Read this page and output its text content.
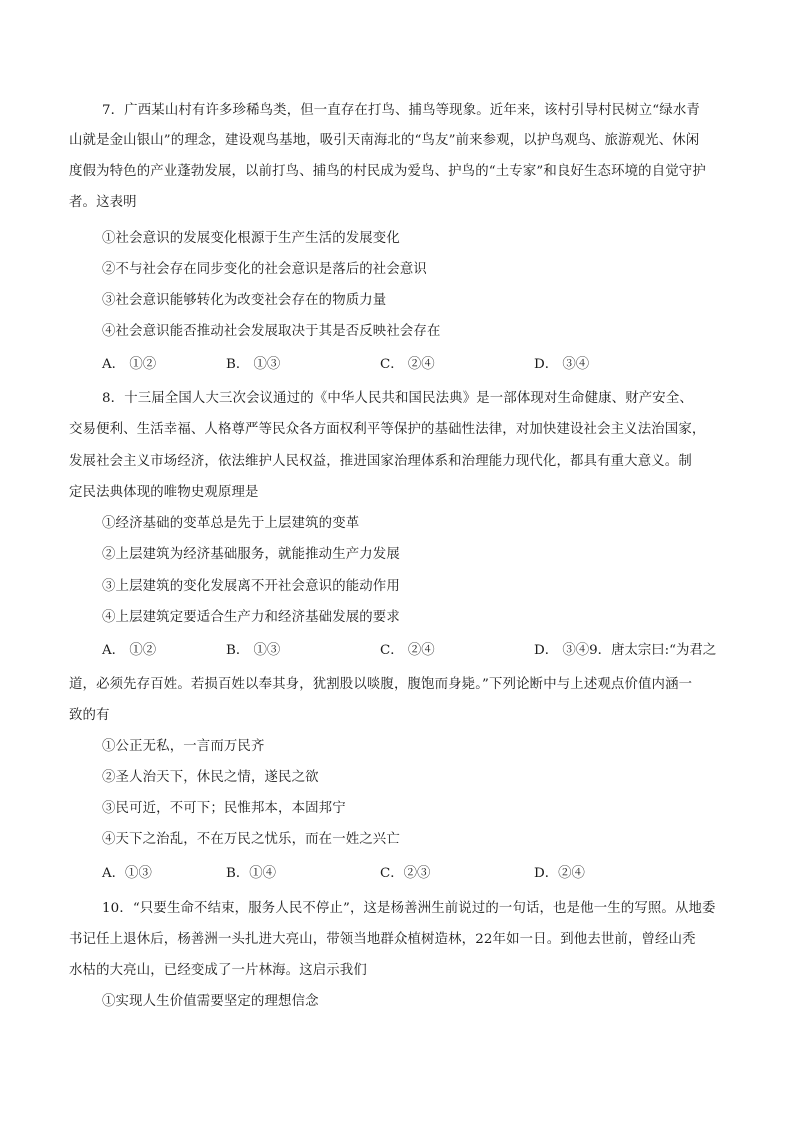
7．广西某山村有许多珍稀鸟类，但一直存在打鸟、捕鸟等现象。近年来，该村引导村民树立“绿水青
山就是金山银山”的理念，建设观鸟基地，吸引天南海北的“鸟友”前来参观，以护鸟观鸟、旅游观光、休闲
度假为特色的产业蓬勃发展，以前打鸟、捕鸟的村民成为爱鸟、护鸟的“土专家”和良好生态环境的自觉守护
者。这表明
①社会意识的发展变化根源于生产生活的发展变化
②不与社会存在同步变化的社会意识是落后的社会意识
③社会意识能够转化为改变社会存在的物质力量
④社会意识能否推动社会发展取决于其是否反映社会存在
A． ①②	B． ①③	C． ②④	D． ③④
8．十三届全国人大三次会议通过的《中华人民共和国民法典》是一部体现对生命健康、财产安全、
交易便利、生活幸福、人格尊严等民众各方面权利平等保护的基础性法律，对加快建设社会主义法治国家，
发展社会主义市场经济，依法维护人民权益，推进国家治理体系和治理能力现代化，都具有重大意义。制
定民法典体现的唯物史观原理是
①经济基础的变革总是先于上层建筑的变革
②上层建筑为经济基础服务，就能推动生产力发展
③上层建筑的变化发展离不开社会意识的能动作用
④上层建筑定要适合生产力和经济基础发展的要求
A． ①②	B． ①③	C． ②④	D． ③④9．唐太宗曰:“为君之
道，必须先存百姓。若损百姓以奉其身，犹割股以啖腹，腹饱而身毙。”下列论断中与上述观点价值内涵一
致的有
①公正无私，一言而万民齐
②圣人治天下，休民之情，遂民之欲
③民可近，不可下；民惟邦本，本固邦宁
④天下之治乱，不在万民之忧乐，而在一姓之兴亡
A．①③	B．①④	C．②③	D．②④
10．“只要生命不结束，服务人民不停止”，这是杨善洲生前说过的一句话，也是他一生的写照。从地委
书记任上退休后，杨善洲一头扎进大亮山，带领当地群众植树造林，22年如一日。到他去世前，曾经山秃
水枯的大亮山，已经变成了一片林海。这启示我们
①实现人生价值需要坚定的理想信念
